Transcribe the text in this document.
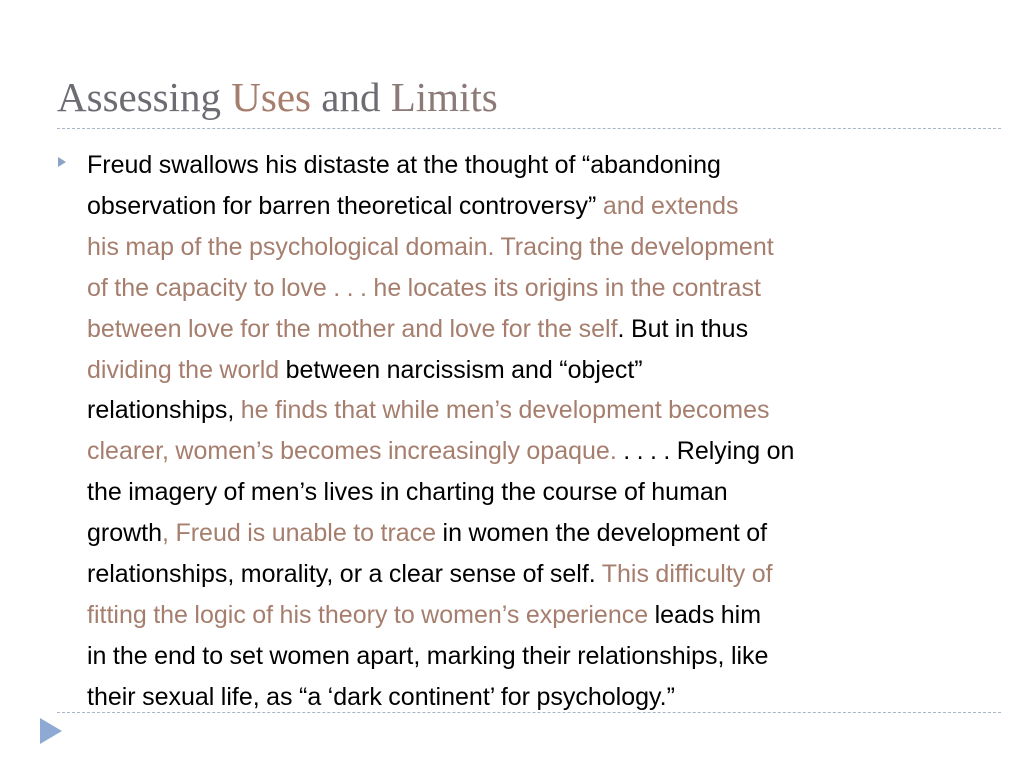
Assessing Uses and Limits

Freud swallows his distaste at the thought of “abandoning
observation for barren theoretical controversy” and extends
his map of the psychological domain. Tracing the development
of the capacity to love . . . he locates its origins in the contrast
between love for the mother and love for the self. But in thus
dividing the world between narcissism and “object”
relationships, he finds that while men’s development becomes
clearer, women’s becomes increasingly opaque. . . . . Relying on
the imagery of men’s lives in charting the course of human
growth, Freud is unable to trace in women the development of
relationships, morality, or a clear sense of self. This difficulty of
fitting the logic of his theory to women’s experience leads him
in the end to set women apart, marking their relationships, like
their sexual life, as “a ‘dark continent’ for psychology.”
